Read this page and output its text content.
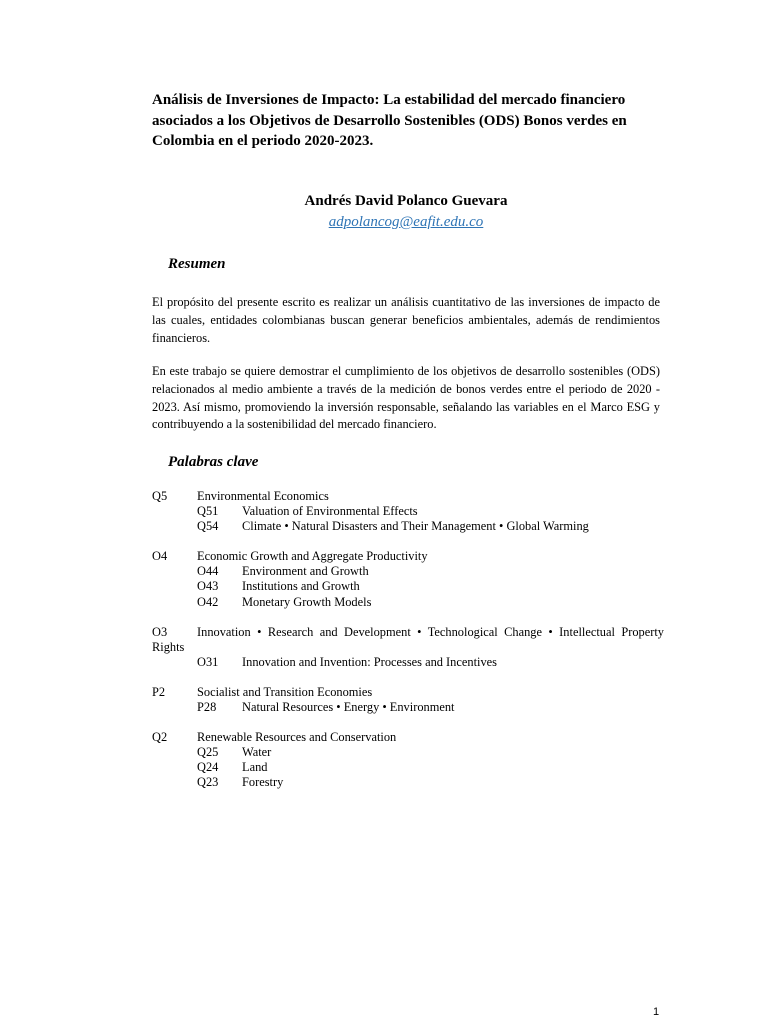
Análisis de Inversiones de Impacto: La estabilidad del mercado financiero asociados a los Objetivos de Desarrollo Sostenibles (ODS) Bonos verdes en Colombia en el periodo 2020-2023.
Andrés David Polanco Guevara
adpolancog@eafit.edu.co
Resumen
El propósito del presente escrito es realizar un análisis cuantitativo de las inversiones de impacto de las cuales, entidades colombianas buscan generar beneficios ambientales, además de rendimientos financieros.
En este trabajo se quiere demostrar el cumplimiento de los objetivos de desarrollo sostenibles (ODS) relacionados al medio ambiente a través de la medición de bonos verdes entre el periodo de 2020 - 2023. Así mismo, promoviendo la inversión responsable, señalando las variables en el Marco ESG y contribuyendo a la sostenibilidad del mercado financiero.
Palabras clave
Q5 Environmental Economics
Q51 Valuation of Environmental Effects
Q54 Climate • Natural Disasters and Their Management • Global Warming
O4 Economic Growth and Aggregate Productivity
O44 Environment and Growth
O43 Institutions and Growth
O42 Monetary Growth Models
O3	Innovation • Research and Development • Technological Change • Intellectual Property Rights
O31 Innovation and Invention: Processes and Incentives
P2	Socialist and Transition Economies
P28 Natural Resources • Energy • Environment
Q2 Renewable Resources and Conservation
Q25 Water
Q24 Land
Q23 Forestry
1
